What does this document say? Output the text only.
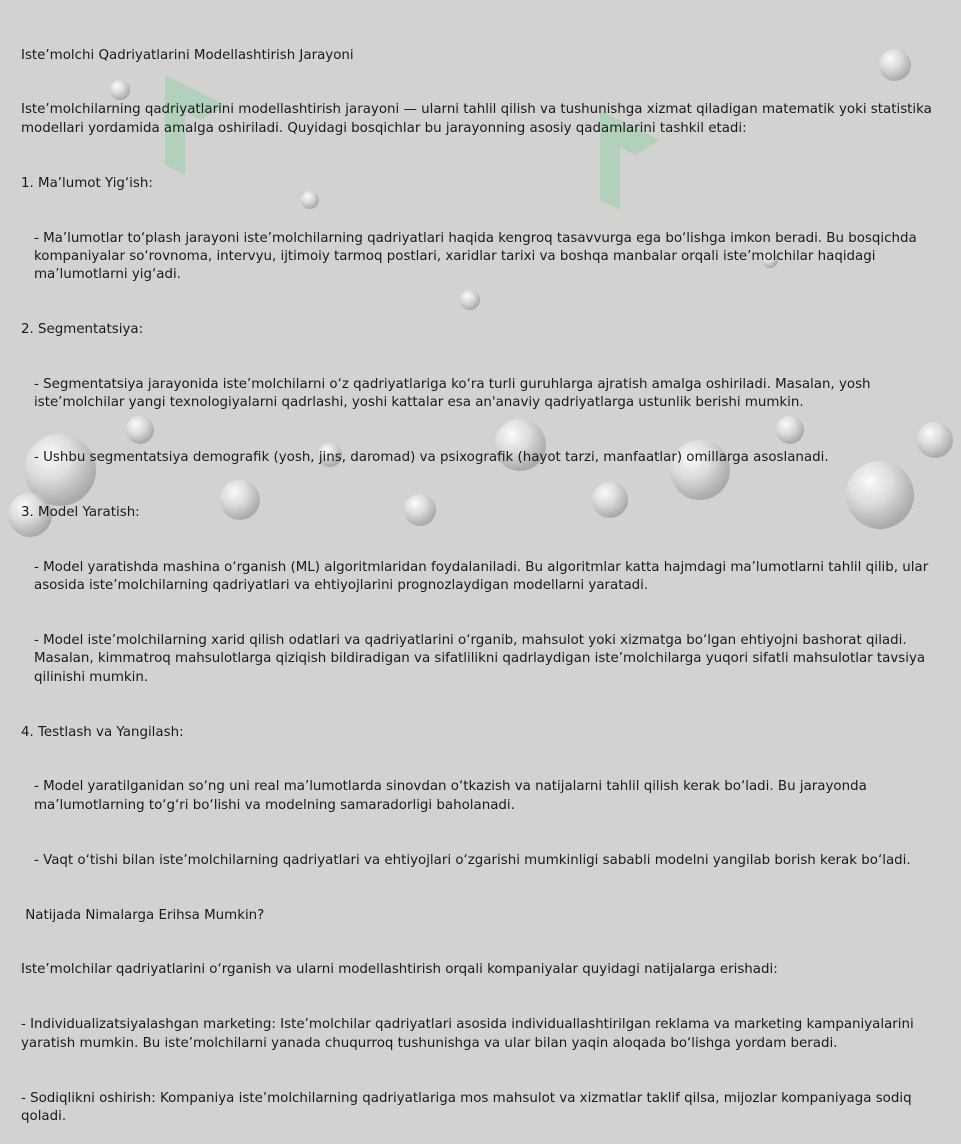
Iste’molchi Qadriyatlarini Modellashtirish Jarayoni

Iste’molchilarning qadriyatlarini modellashtirish jarayoni — ularni tahlil qilish va tushunishga xizmat qiladigan matematik yoki statistika modellari yordamida amalga oshiriladi. Quyidagi bosqichlar bu jarayonning asosiy qadamlarini tashkil etadi:

1. Ma’lumot Yig‘ish:

- Ma’lumotlar to‘plash jarayoni iste’molchilarning qadriyatlari haqida kengroq tasavvurga ega bo‘lishga imkon beradi. Bu bosqichda kompaniyalar so‘rovnoma, intervyu, ijtimoiy tarmoq postlari, xaridlar tarixi va boshqa manbalar orqali iste’molchilar haqidagi ma’lumotlarni yig‘adi.

2. Segmentatsiya:

- Segmentatsiya jarayonida iste’molchilarni o‘z qadriyatlariga ko‘ra turli guruhlarga ajratish amalga oshiriladi. Masalan, yosh iste’molchilar yangi texnologiyalarni qadrlashi, yoshi kattalar esa an'anaviy qadriyatlarga ustunlik berishi mumkin.

- Ushbu segmentatsiya demografik (yosh, jins, daromad) va psixografik (hayot tarzi, manfaatlar) omillarga asoslanadi.

3. Model Yaratish:

- Model yaratishda mashina o‘rganish (ML) algoritmlaridan foydalaniladi. Bu algoritmlar katta hajmdagi ma’lumotlarni tahlil qilib, ular asosida iste’molchilarning qadriyatlari va ehtiyojlarini prognozlaydigan modellarni yaratadi.

- Model iste’molchilarning xarid qilish odatlari va qadriyatlarini o‘rganib, mahsulot yoki xizmatga bo‘lgan ehtiyojni bashorat qiladi. Masalan, kimmatroq mahsulotlarga qiziqish bildiradigan va sifatlilikni qadrlaydigan iste’molchilarga yuqori sifatli mahsulotlar tavsiya qilinishi mumkin.

4. Testlash va Yangilash:

- Model yaratilganidan so‘ng uni real ma’lumotlarda sinovdan o‘tkazish va natijalarni tahlil qilish kerak bo‘ladi. Bu jarayonda ma’lumotlarning to‘g‘ri bo‘lishi va modelning samaradorligi baholanadi.

- Vaqt o‘tishi bilan iste’molchilarning qadriyatlari va ehtiyojlari o‘zgarishi mumkinligi sababli modelni yangilab borish kerak bo‘ladi.

Natijada Nimalarga Erihsa Mumkin?

Iste’molchilar qadriyatlarini o‘rganish va ularni modellashtirish orqali kompaniyalar quyidagi natijalarga erishadi:

- Individualizatsiyalashgan marketing: Iste’molchilar qadriyatlari asosida individuallashtirilgan reklama va marketing kampaniyalarini yaratish mumkin. Bu iste’molchilarni yanada chuqurroq tushunishga va ular bilan yaqin aloqada bo‘lishga yordam beradi.

- Sodiqlikni oshirish: Kompaniya iste’molchilarning qadriyatlariga mos mahsulot va xizmatlar taklif qilsa, mijozlar kompaniyaga sodiq qoladi.
